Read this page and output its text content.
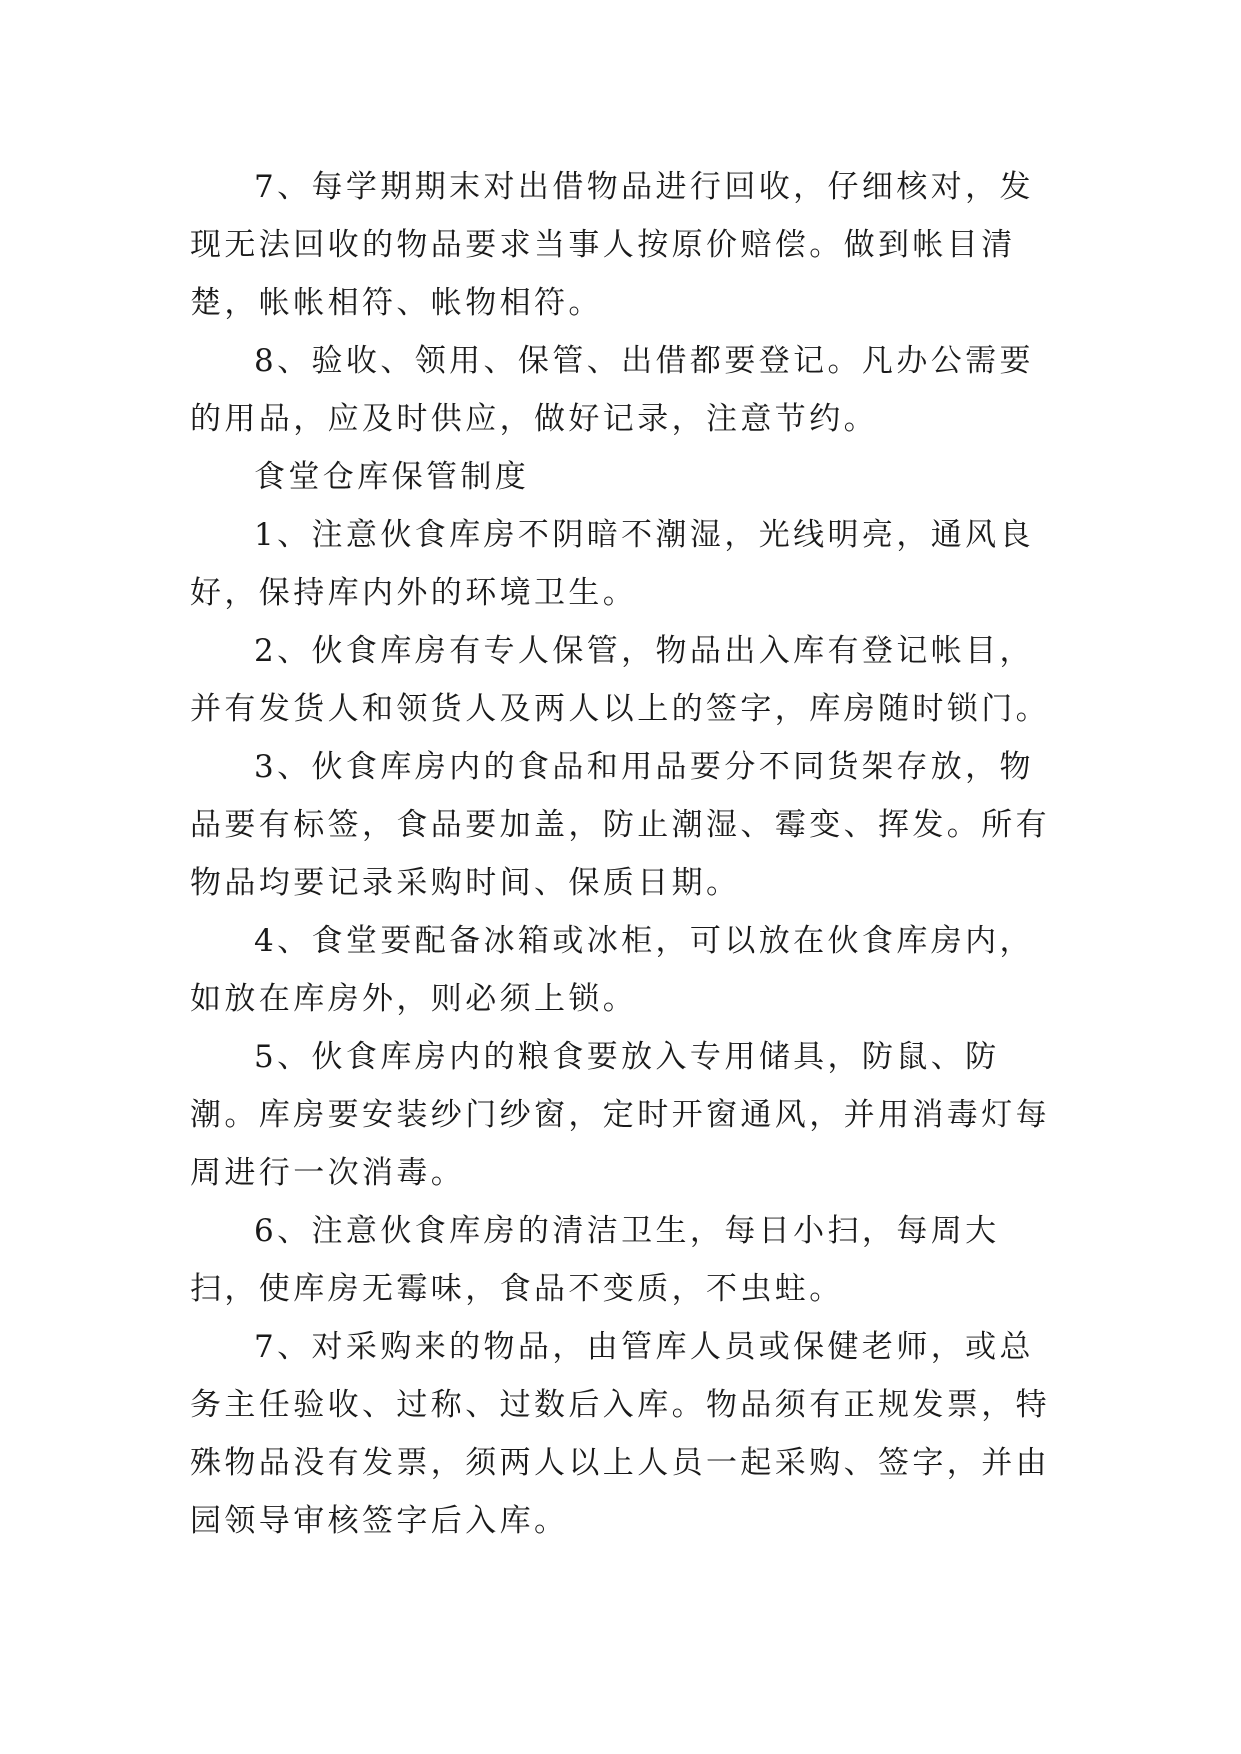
7、每学期期末对出借物品进行回收，仔细核对，发现无法回收的物品要求当事人按原价赔偿。做到帐目清楚，帐帐相符、帐物相符。

8、验收、领用、保管、出借都要登记。凡办公需要的用品，应及时供应，做好记录，注意节约。

食堂仓库保管制度

1、注意伙食库房不阴暗不潮湿，光线明亮，通风良好，保持库内外的环境卫生。

2、伙食库房有专人保管，物品出入库有登记帐目，并有发货人和领货人及两人以上的签字，库房随时锁门。

3、伙食库房内的食品和用品要分不同货架存放，物品要有标签，食品要加盖，防止潮湿、霉变、挥发。所有物品均要记录采购时间、保质日期。

4、食堂要配备冰箱或冰柜，可以放在伙食库房内，如放在库房外，则必须上锁。

5、伙食库房内的粮食要放入专用储具，防鼠、防潮。库房要安装纱门纱窗，定时开窗通风，并用消毒灯每周进行一次消毒。

6、注意伙食库房的清洁卫生，每日小扫，每周大扫，使库房无霉味，食品不变质，不虫蛀。

7、对采购来的物品，由管库人员或保健老师，或总务主任验收、过称、过数后入库。物品须有正规发票，特殊物品没有发票，须两人以上人员一起采购、签字，并由园领导审核签字后入库。
